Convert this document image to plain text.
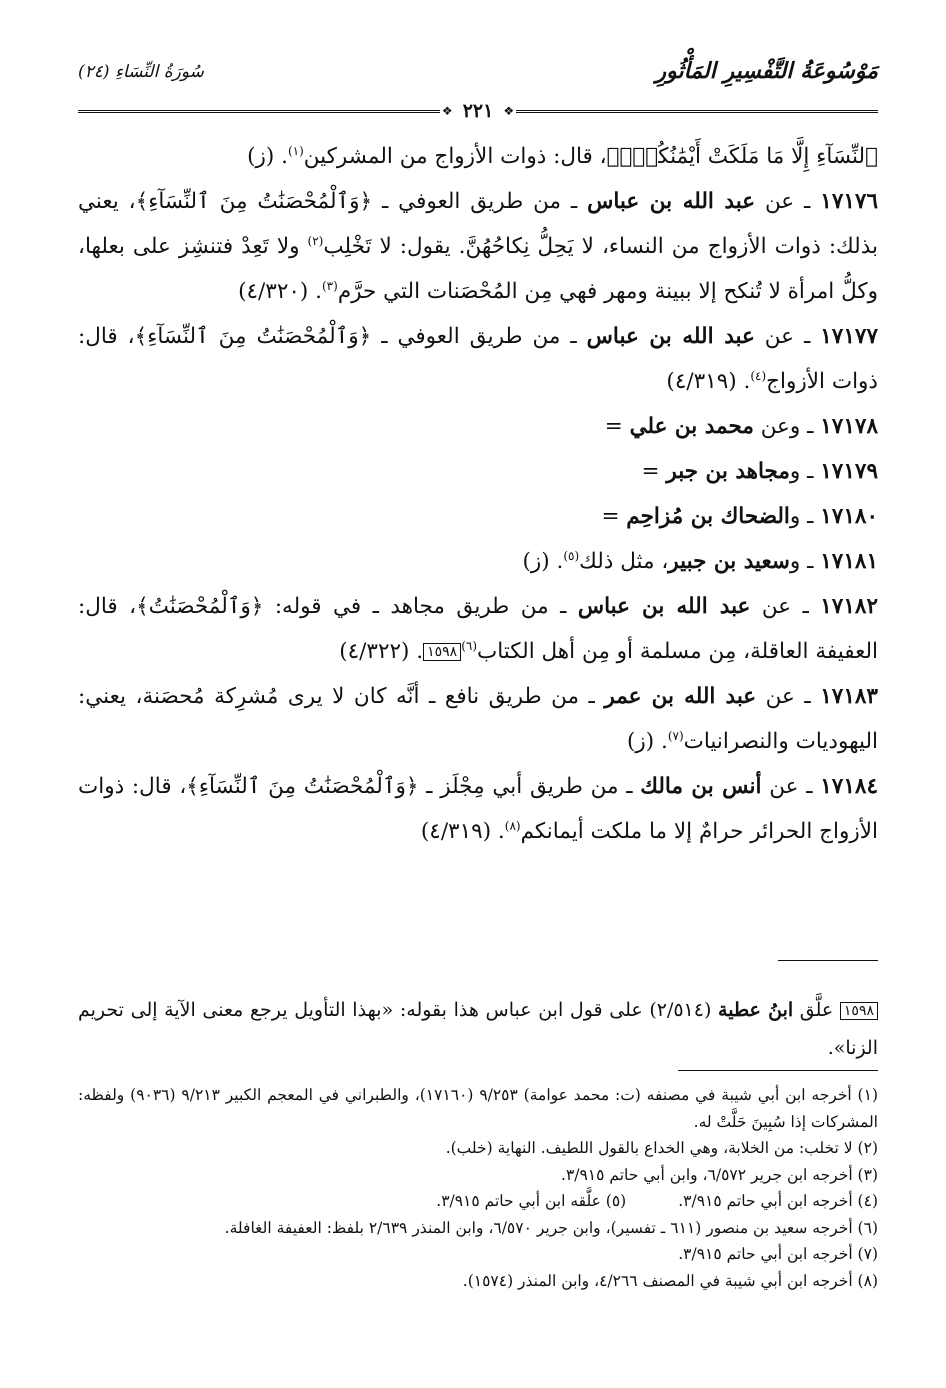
مَوْسُوعَةُ التَّفْسِيرِ المَأْثُورِ
سُورَةُ النِّسَاءِ (٢٤)
❖
٢٢١
❖

ٱلنِّسَآءِ إِلَّا مَا مَلَكَتْ أَيْمَٰنُكُمْۖ﴾، قال: ذوات الأزواج من المشركين$^{(١)}$. (ز)

١٧١٧٦ ـ عن عبد الله بن عباس ـ من طريق العوفي ـ ﴿وَٱلْمُحْصَنَٰتُ مِنَ ٱلنِّسَآءِ﴾، يعني بذلك: ذوات الأزواج من النساء، لا يَحِلُّ نِكاحُهُنَّ. يقول: لا تَخْلِب$^{(٢)}$ ولا تَعِدْ فتنشِز على بعلها، وكلُّ امرأة لا تُنكح إلا ببينة ومهر فهي مِن المُحْصَنات التي حرَّم$^{(٣)}$. (٤/٣٢٠)

١٧١٧٧ ـ عن عبد الله بن عباس ـ من طريق العوفي ـ ﴿وَٱلْمُحْصَنَٰتُ مِنَ ٱلنِّسَآءِ﴾، قال: ذوات الأزواج$^{(٤)}$. (٤/٣١٩)

١٧١٧٨ ـ وعن محمد بن علي =

١٧١٧٩ ـ ومجاهد بن جبر =

١٧١٨٠ ـ والضحاك بن مُزاحِم =

١٧١٨١ ـ وسعيد بن جبير، مثل ذلك$^{(٥)}$. (ز)

١٧١٨٢ ـ عن عبد الله بن عباس ـ من طريق مجاهد ـ في قوله: ﴿وَٱلْمُحْصَنَٰتُ﴾، قال: العفيفة العاقلة، مِن مسلمة أو مِن أهل الكتاب$^{(٦)}$١٥٩٨. (٤/٣٢٢)

١٧١٨٣ ـ عن عبد الله بن عمر ـ من طريق نافع ـ أنَّه كان لا يرى مُشرِكة مُحصَنة، يعني: اليهوديات والنصرانيات$^{(٧)}$. (ز)

١٧١٨٤ ـ عن أنس بن مالك ـ من طريق أبي مِجْلَز ـ ﴿وَٱلْمُحْصَنَٰتُ مِنَ ٱلنِّسَآءِ﴾، قال: ذوات الأزواج الحرائر حرامٌ إلا ما ملكت أيمانكم$^{(٨)}$. (٤/٣١٩)

١٥٩٨ علَّق ابنُ عطية (٢/٥١٤) على قول ابن عباس هذا بقوله: «بهذا التأويل يرجع معنى الآية إلى تحريم الزنا».

(١) أخرجه ابن أبي شيبة في مصنفه (ت: محمد عوامة) ٩/٢٥٣ (١٧١٦٠)، والطبراني في المعجم الكبير ٩/٢١٣ (٩٠٣٦) ولفظه: المشركات إذا سُبِينَ حَلَّتْ له.

(٢) لا تخلب: من الخلابة، وهي الخداع بالقول اللطيف. النهاية (خلب).

(٣) أخرجه ابن جرير ٦/٥٧٢، وابن أبي حاتم ٣/٩١٥.

(٤) أخرجه ابن أبي حاتم ٣/٩١٥.
(٥) علَّقه ابن أبي حاتم ٣/٩١٥.

(٦) أخرجه سعيد بن منصور (٦١١ ـ تفسير)، وابن جرير ٦/٥٧٠، وابن المنذر ٢/٦٣٩ بلفظ: العفيفة الغافلة.

(٧) أخرجه ابن أبي حاتم ٣/٩١٥.

(٨) أخرجه ابن أبي شيبة في المصنف ٤/٢٦٦، وابن المنذر (١٥٧٤).
